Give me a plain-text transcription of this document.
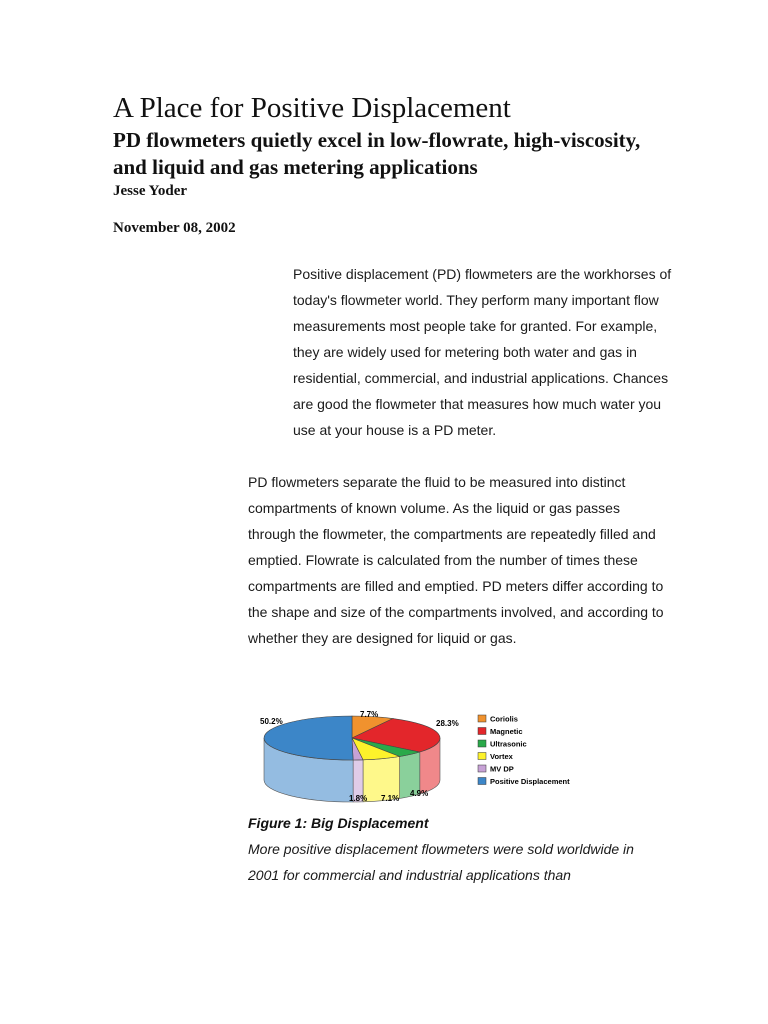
A Place for Positive Displacement
PD flowmeters quietly excel in low-flowrate, high-viscosity, and liquid and gas metering applications

Jesse Yoder

November 08, 2002

Positive displacement (PD) flowmeters are the workhorses of today's flowmeter world. They perform many important flow measurements most people take for granted. For example, they are widely used for metering both water and gas in residential, commercial, and industrial applications. Chances are good the flowmeter that measures how much water you use at your house is a PD meter.

PD flowmeters separate the fluid to be measured into distinct compartments of known volume. As the liquid or gas passes through the flowmeter, the compartments are repeatedly filled and emptied. Flowrate is calculated from the number of times these compartments are filled and emptied. PD meters differ according to the shape and size of the compartments involved, and according to whether they are designed for liquid or gas.

50.2%
7.7%
28.3%
4.9%
7.1%
1.8%
Coriolis
Magnetic
Ultrasonic
Vortex
MV DP
Positive Displacement

Figure 1: Big Displacement

More positive displacement flowmeters were sold worldwide in 2001 for commercial and industrial applications than
